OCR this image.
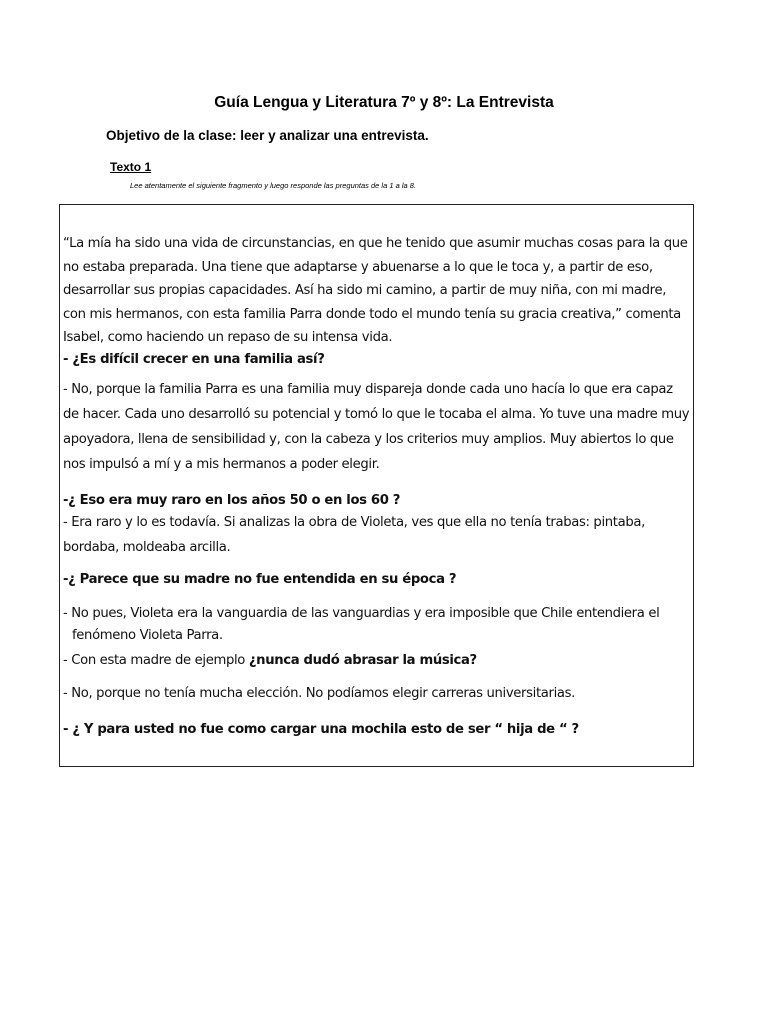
Guía Lengua y Literatura 7º y 8º: La Entrevista
Objetivo de la clase: leer y analizar una entrevista.
Texto 1
Lee atentamente el siguiente fragmento y luego responde las preguntas de la 1 a la 8.
“La mía ha sido una vida de circunstancias, en que he tenido que asumir muchas cosas para la que
no estaba preparada. Una tiene que adaptarse y abuenarse a lo que le toca y, a partir de eso,
desarrollar sus propias capacidades. Así ha sido mi camino, a partir de muy niña, con mi madre,
con mis hermanos, con esta familia Parra donde todo el mundo tenía su gracia creativa,” comenta
Isabel, como haciendo un repaso de su intensa vida.
- ¿Es difícil crecer en una familia así?
- No, porque la familia Parra es una familia muy dispareja donde cada uno hacía lo que era capaz
de hacer. Cada uno desarrolló su potencial y tomó lo que le tocaba el alma. Yo tuve una madre muy
apoyadora, llena de sensibilidad y, con la cabeza y los criterios muy amplios. Muy abiertos lo que
nos impulsó a mí y a mis hermanos a poder elegir.
-¿ Eso era muy raro en los años 50 o en los 60 ?
- Era raro y lo es todavía. Si analizas la obra de Violeta, ves que ella no tenía trabas: pintaba,
bordaba, moldeaba arcilla.
-¿ Parece que su madre no fue entendida en su época ?
- No pues, Violeta era la vanguardia de las vanguardias y era imposible que Chile entendiera el
fenómeno Violeta Parra.
- Con esta madre de ejemplo ¿nunca dudó abrasar la música?
- No, porque no tenía mucha elección. No podíamos elegir carreras universitarias.
- ¿ Y para usted no fue como cargar una mochila esto de ser “ hija de “ ?
